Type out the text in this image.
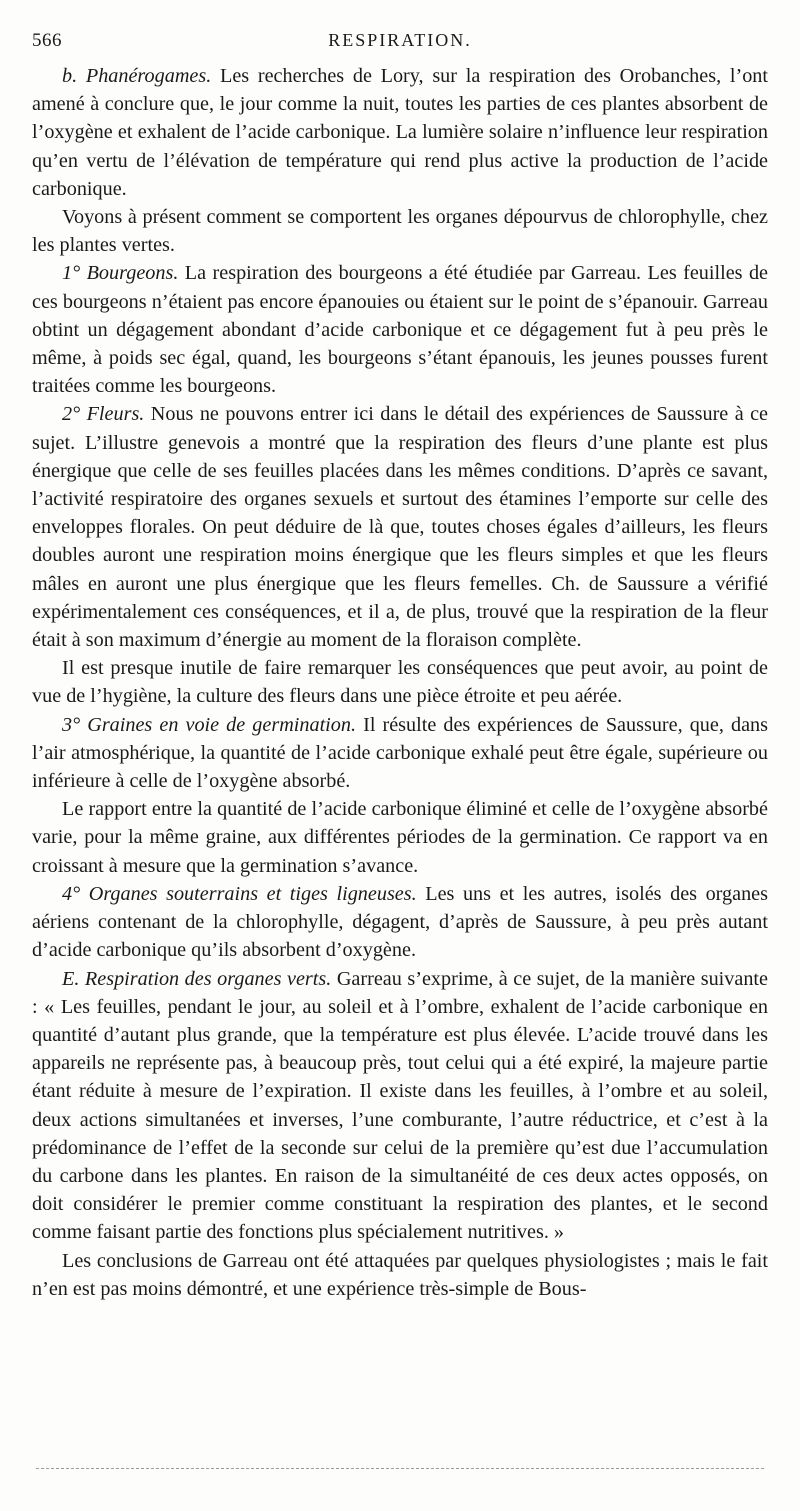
566	RESPIRATION.

b. Phanérogames. Les recherches de Lory, sur la respiration des Orobanches, l’ont amené à conclure que, le jour comme la nuit, toutes les parties de ces plantes absorbent de l’oxygène et exhalent de l’acide carbonique. La lumière solaire n’influence leur respiration qu’en vertu de l’élévation de température qui rend plus active la production de l’acide carbonique.

Voyons à présent comment se comportent les organes dépourvus de chlorophylle, chez les plantes vertes.

1° Bourgeons. La respiration des bourgeons a été étudiée par Garreau. Les feuilles de ces bourgeons n’étaient pas encore épanouies ou étaient sur le point de s’épanouir. Garreau obtint un dégagement abondant d’acide carbonique et ce dégagement fut à peu près le même, à poids sec égal, quand, les bourgeons s’étant épanouis, les jeunes pousses furent traitées comme les bourgeons.

2° Fleurs. Nous ne pouvons entrer ici dans le détail des expériences de Saussure à ce sujet. L’illustre genevois a montré que la respiration des fleurs d’une plante est plus énergique que celle de ses feuilles placées dans les mêmes conditions. D’après ce savant, l’activité respiratoire des organes sexuels et surtout des étamines l’emporte sur celle des enveloppes florales. On peut déduire de là que, toutes choses égales d’ailleurs, les fleurs doubles auront une respiration moins énergique que les fleurs simples et que les fleurs mâles en auront une plus énergique que les fleurs femelles. Ch. de Saussure a vérifié expérimentalement ces conséquences, et il a, de plus, trouvé que la respiration de la fleur était à son maximum d’énergie au moment de la floraison complète.

Il est presque inutile de faire remarquer les conséquences que peut avoir, au point de vue de l’hygiène, la culture des fleurs dans une pièce étroite et peu aérée.

3° Graines en voie de germination. Il résulte des expériences de Saussure, que, dans l’air atmosphérique, la quantité de l’acide carbonique exhalé peut être égale, supérieure ou inférieure à celle de l’oxygène absorbé.

Le rapport entre la quantité de l’acide carbonique éliminé et celle de l’oxygène absorbé varie, pour la même graine, aux différentes périodes de la germination. Ce rapport va en croissant à mesure que la germination s’avance.

4° Organes souterrains et tiges ligneuses. Les uns et les autres, isolés des organes aériens contenant de la chlorophylle, dégagent, d’après de Saussure, à peu près autant d’acide carbonique qu’ils absorbent d’oxygène.

E. Respiration des organes verts. Garreau s’exprime, à ce sujet, de la manière suivante : « Les feuilles, pendant le jour, au soleil et à l’ombre, exhalent de l’acide carbonique en quantité d’autant plus grande, que la température est plus élevée. L’acide trouvé dans les appareils ne représente pas, à beaucoup près, tout celui qui a été expiré, la majeure partie étant réduite à mesure de l’expiration. Il existe dans les feuilles, à l’ombre et au soleil, deux actions simultanées et inverses, l’une comburante, l’autre réductrice, et c’est à la prédominance de l’effet de la seconde sur celui de la première qu’est due l’accumulation du carbone dans les plantes. En raison de la simultanéité de ces deux actes opposés, on doit considérer le premier comme constituant la respiration des plantes, et le second comme faisant partie des fonctions plus spécialement nutritives. »

Les conclusions de Garreau ont été attaquées par quelques physiologistes ; mais le fait n’en est pas moins démontré, et une expérience très-simple de Bous-
